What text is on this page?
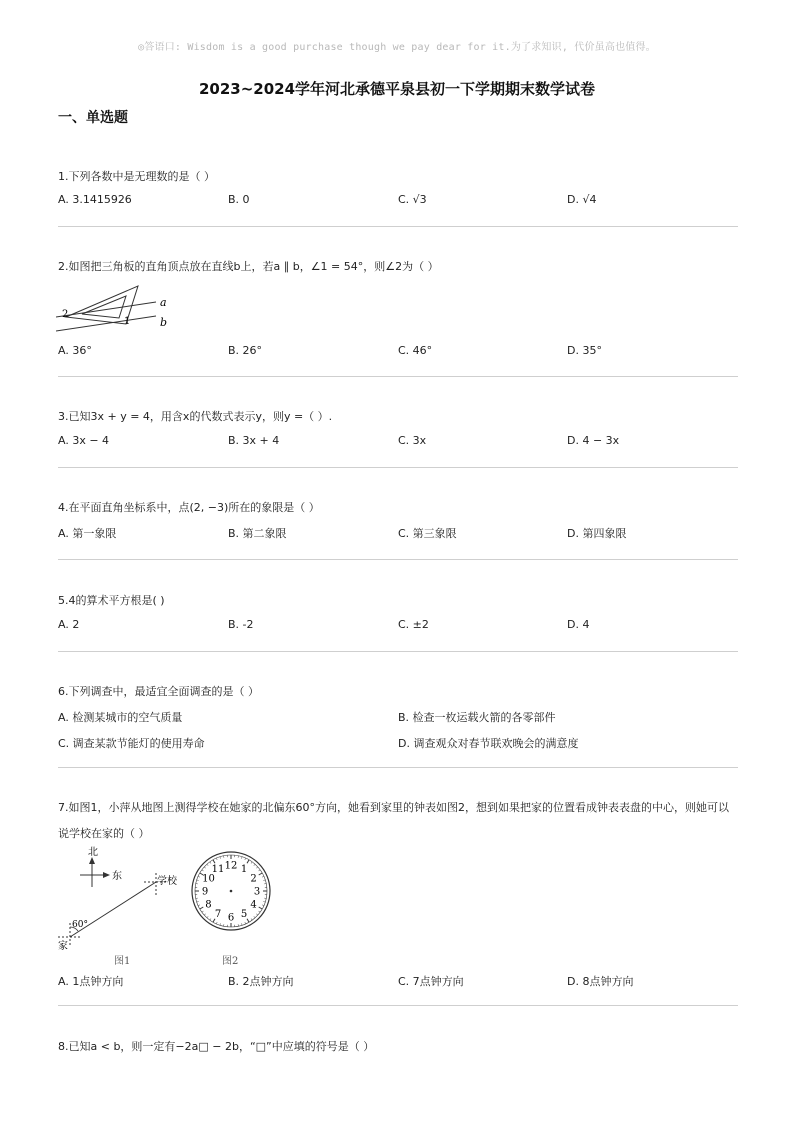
◎答语口: Wisdom is a good purchase though we pay dear for it.为了求知识, 代价虽高也值得。
2023~2024学年河北承德平泉县初一下学期期末数学试卷
一、单选题
1.下列各数中是无理数的是（ ）
A. 3.1415926	B. 0	C. √3	D. √4
2.如图把三角板的直角顶点放在直线b上，若a ∥ b，∠1 = 54°，则∠2为（ ）
a
b
1
2
A. 36°	B. 26°	C. 46°	D. 35°
3.已知3x + y = 4，用含x的代数式表示y，则y =（ ）.
A. 3x − 4	B. 3x + 4	C. 3x	D. 4 − 3x
4.在平面直角坐标系中，点(2, −3)所在的象限是（ ）
A. 第一象限	B. 第二象限	C. 第三象限	D. 第四象限
5.4的算术平方根是( )
A. 2	B. -2	C. ±2	D. 4
6.下列调查中，最适宜全面调查的是（ ）
A. 检测某城市的空气质量	B. 检查一枚运载火箭的各零部件
C. 调查某款节能灯的使用寿命	D. 调查观众对春节联欢晚会的满意度
7.如图1，小萍从地图上测得学校在她家的北偏东60°方向，她看到家里的钟表如图2，想到如果把家的位置看成钟表表盘的中心，则她可以
说学校在家的（ ）
北
东	学校
家
60°
图1
12 1
2
3
4
5
6
7
8
9
10
11
图2
A. 1点钟方向	B. 2点钟方向	C. 7点钟方向	D. 8点钟方向
8.已知a < b，则一定有−2a□ − 2b，“□”中应填的符号是（ ）
